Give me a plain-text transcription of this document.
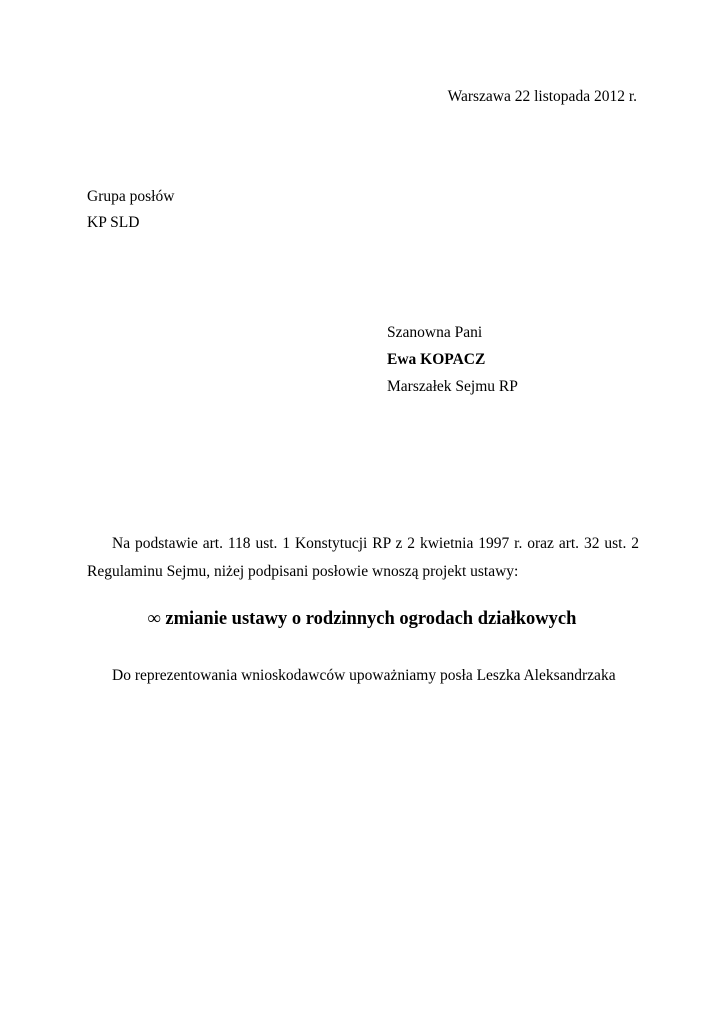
Warszawa 22 listopada 2012 r.
Grupa posłów
KP SLD
Szanowna Pani
Ewa KOPACZ
Marszałek Sejmu RP
Na podstawie art. 118 ust. 1 Konstytucji RP z 2 kwietnia 1997 r. oraz art. 32 ust. 2
Regulaminu Sejmu, niżej podpisani posłowie wnoszą projekt ustawy:
∞ zmianie ustawy o rodzinnych ogrodach działkowych
Do reprezentowania wnioskodawców upoważniamy posła Leszka Aleksandrzaka
